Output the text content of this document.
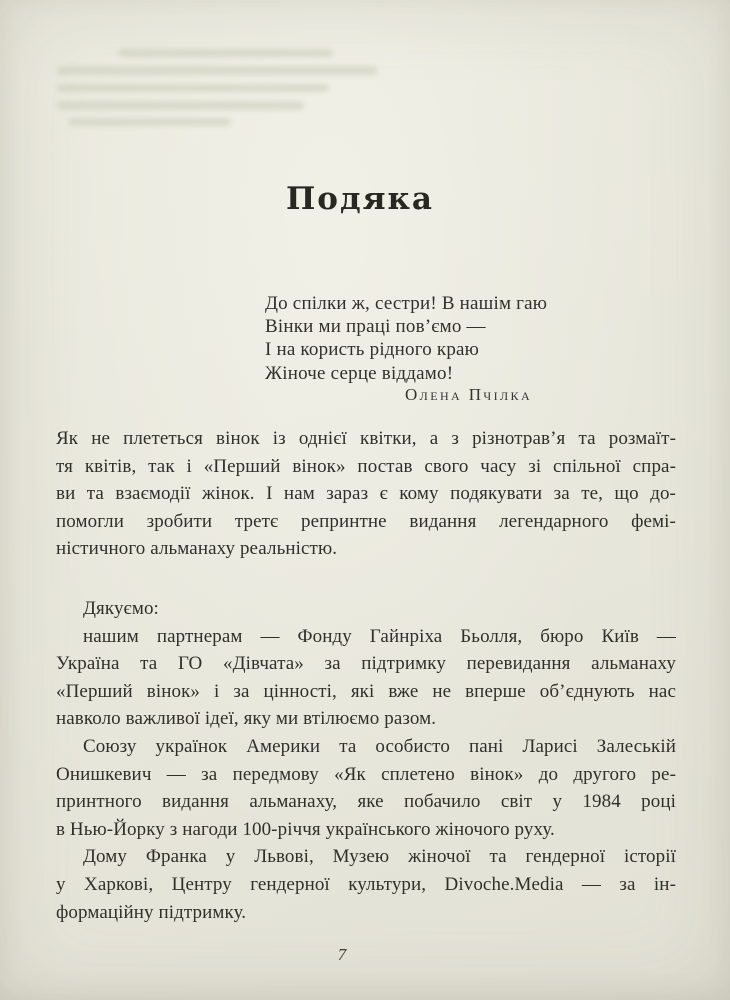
Подяка
До спілки ж, сестри! В нашім гаю
Вінки ми праці пов’ємо —
І на користь рідного краю
Жіноче серце віддамо!
Олена Пчілка
Як не плететься вінок із однієї квітки, а з різнотрав’я та розмаїт-
тя квітів, так і «Перший вінок» постав свого часу зі спільної спра-
ви та взаємодії жінок. І нам зараз є кому подякувати за те, що до-
помогли зробити третє репринтне видання легендарного фемі-
ністичного альманаху реальністю.
Дякуємо:
нашим партнерам — Фонду Гайнріха Бьолля, бюро Київ —
Україна та ГО «Дівчата» за підтримку перевидання альманаху
«Перший вінок» і за цінності, які вже не вперше об’єднують нас
навколо важливої ідеї, яку ми втілюємо разом.
Союзу українок Америки та особисто пані Ларисі Залеській
Онишкевич — за передмову «Як сплетено вінок» до другого ре-
принтного видання альманаху, яке побачило світ у 1984 році
в Нью-Йорку з нагоди 100-річчя українського жіночого руху.
Дому Франка у Львові, Музею жіночої та гендерної історії
у Харкові, Центру гендерної культури, Divoche.Media — за ін-
формаційну підтримку.
7
